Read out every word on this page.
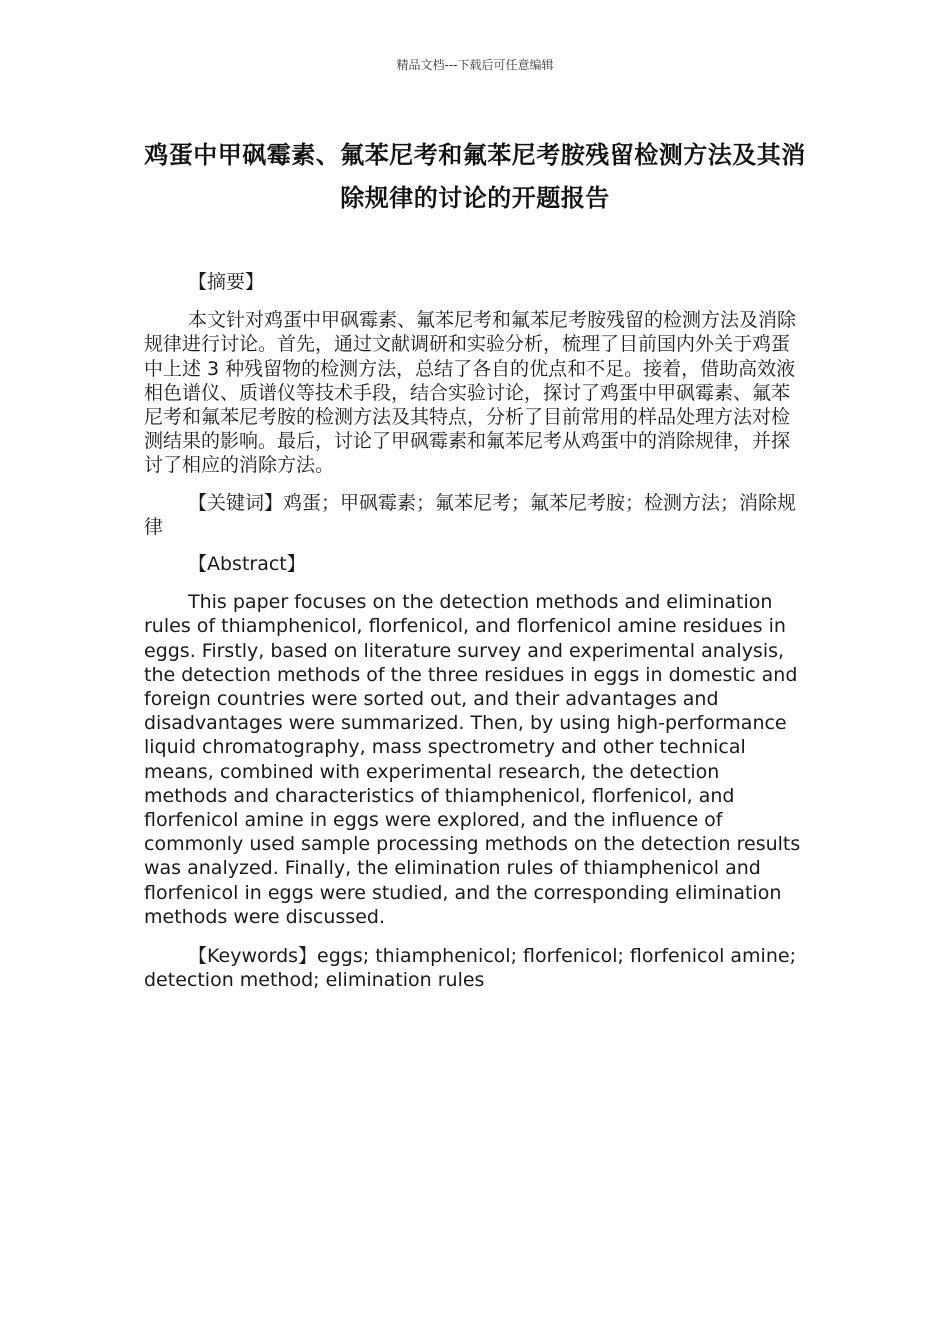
精品文档---下载后可任意编辑
鸡蛋中甲砜霉素、氟苯尼考和氟苯尼考胺残留检测方法及其消除规律的讨论的开题报告

【摘要】

本文针对鸡蛋中甲砜霉素、氟苯尼考和氟苯尼考胺残留的检测方法及消除规律进行讨论。首先，通过文献调研和实验分析，梳理了目前国内外关于鸡蛋中上述 3 种残留物的检测方法，总结了各自的优点和不足。接着，借助高效液相色谱仪、质谱仪等技术手段，结合实验讨论，探讨了鸡蛋中甲砜霉素、氟苯尼考和氟苯尼考胺的检测方法及其特点，分析了目前常用的样品处理方法对检测结果的影响。最后，讨论了甲砜霉素和氟苯尼考从鸡蛋中的消除规律，并探讨了相应的消除方法。

【关键词】鸡蛋；甲砜霉素；氟苯尼考；氟苯尼考胺；检测方法；消除规律

【Abstract】

This paper focuses on the detection methods and elimination rules of thiamphenicol, florfenicol, and florfenicol amine residues in eggs. Firstly, based on literature survey and experimental analysis, the detection methods of the three residues in eggs in domestic and foreign countries were sorted out, and their advantages and disadvantages were summarized. Then, by using high-performance liquid chromatography, mass spectrometry and other technical means, combined with experimental research, the detection methods and characteristics of thiamphenicol, florfenicol, and florfenicol amine in eggs were explored, and the influence of commonly used sample processing methods on the detection results was analyzed. Finally, the elimination rules of thiamphenicol and florfenicol in eggs were studied, and the corresponding elimination methods were discussed.

【Keywords】eggs; thiamphenicol; florfenicol; florfenicol amine; detection method; elimination rules
